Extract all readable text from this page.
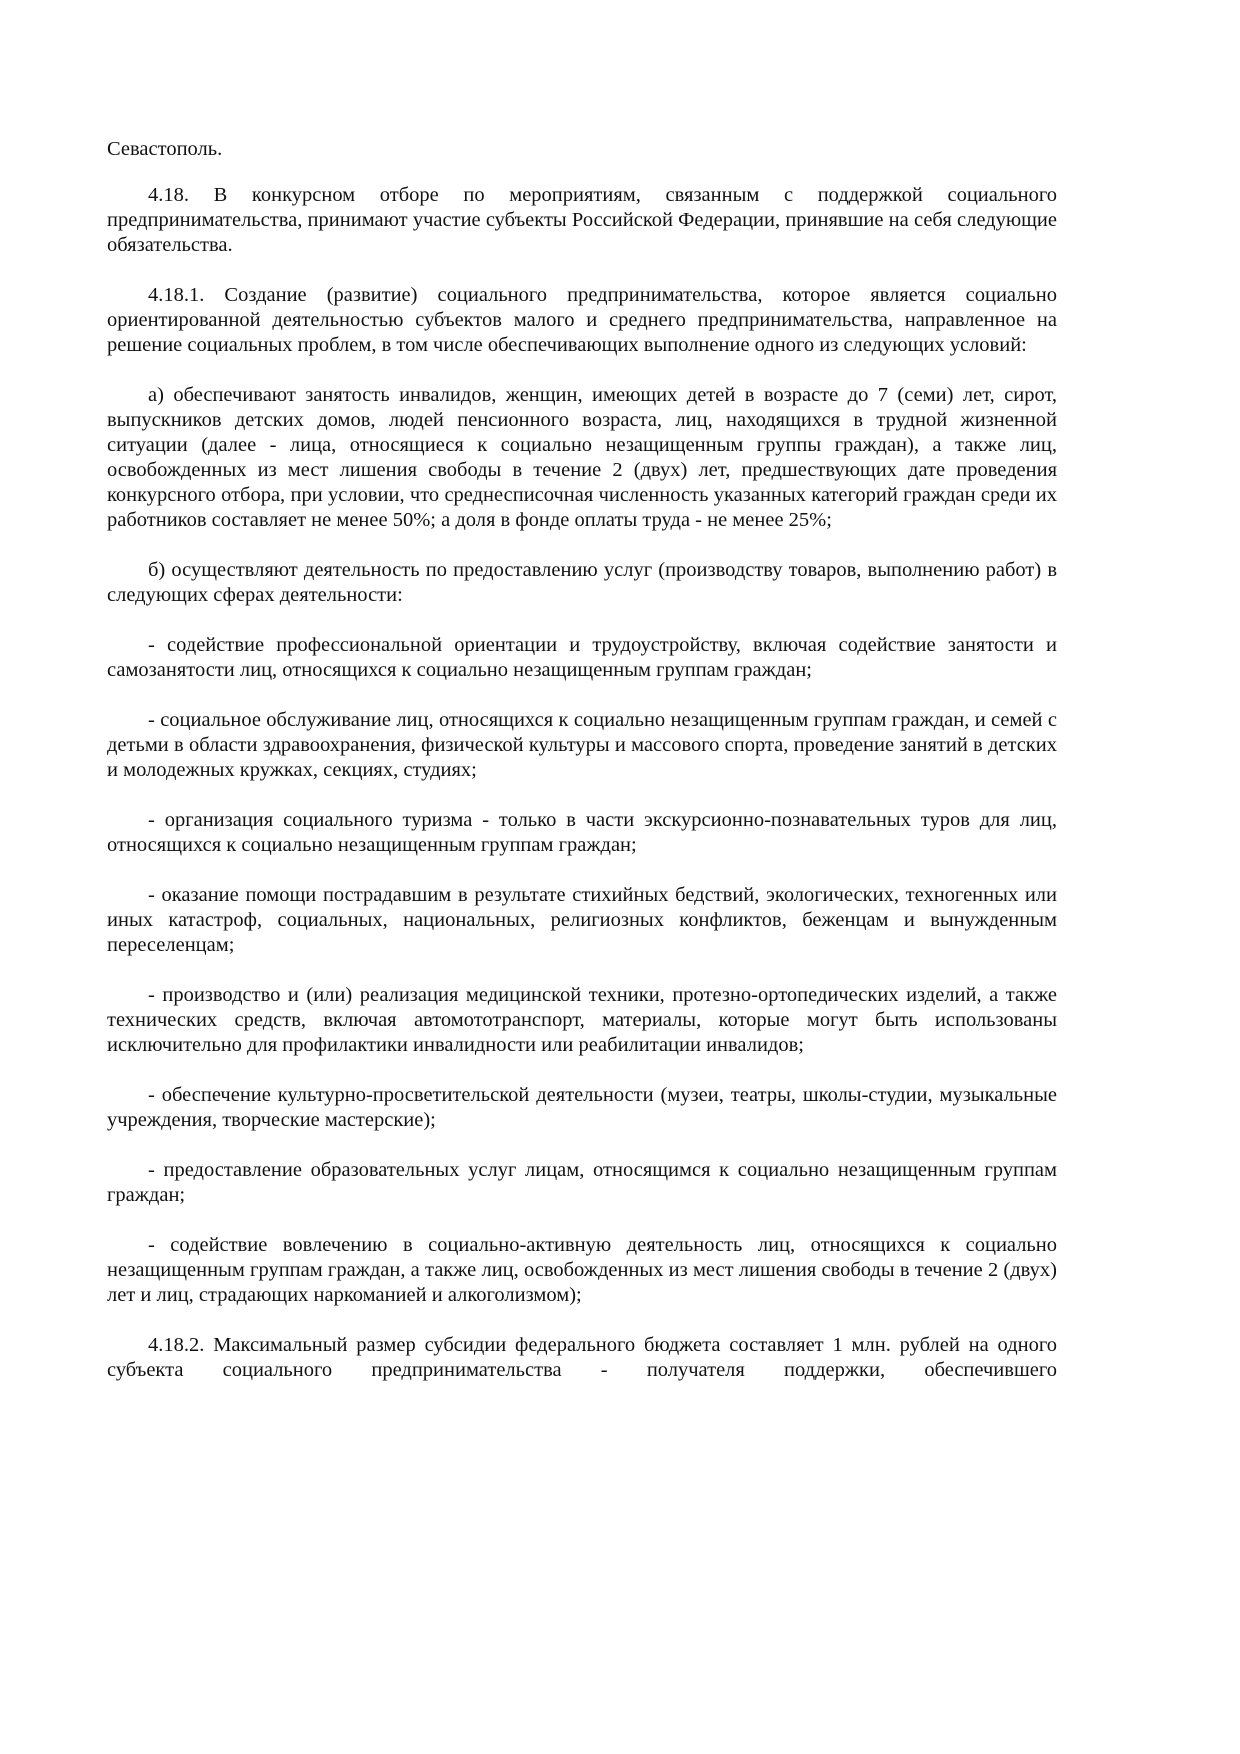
Севастополь.

4.18. В конкурсном отборе по мероприятиям, связанным с поддержкой социального предпринимательства, принимают участие субъекты Российской Федерации, принявшие на себя следующие обязательства.

4.18.1. Создание (развитие) социального предпринимательства, которое является социально ориентированной деятельностью субъектов малого и среднего предпринимательства, направленное на решение социальных проблем, в том числе обеспечивающих выполнение одного из следующих условий:

а) обеспечивают занятость инвалидов, женщин, имеющих детей в возрасте до 7 (семи) лет, сирот, выпускников детских домов, людей пенсионного возраста, лиц, находящихся в трудной жизненной ситуации (далее - лица, относящиеся к социально незащищенным группы граждан), а также лиц, освобожденных из мест лишения свободы в течение 2 (двух) лет, предшествующих дате проведения конкурсного отбора, при условии, что среднесписочная численность указанных категорий граждан среди их работников составляет не менее 50%; а доля в фонде оплаты труда - не менее 25%;

б) осуществляют деятельность по предоставлению услуг (производству товаров, выполнению работ) в следующих сферах деятельности:

- содействие профессиональной ориентации и трудоустройству, включая содействие занятости и самозанятости лиц, относящихся к социально незащищенным группам граждан;

- социальное обслуживание лиц, относящихся к социально незащищенным группам граждан, и семей с детьми в области здравоохранения, физической культуры и массового спорта, проведение занятий в детских и молодежных кружках, секциях, студиях;

- организация социального туризма - только в части экскурсионно-познавательных туров для лиц, относящихся к социально незащищенным группам граждан;

- оказание помощи пострадавшим в результате стихийных бедствий, экологических, техногенных или иных катастроф, социальных, национальных, религиозных конфликтов, беженцам и вынужденным переселенцам;

- производство и (или) реализация медицинской техники, протезно-ортопедических изделий, а также технических средств, включая автомототранспорт, материалы, которые могут быть использованы исключительно для профилактики инвалидности или реабилитации инвалидов;

- обеспечение культурно-просветительской деятельности (музеи, театры, школы-студии, музыкальные учреждения, творческие мастерские);

- предоставление образовательных услуг лицам, относящимся к социально незащищенным группам граждан;

- содействие вовлечению в социально-активную деятельность лиц, относящихся к социально незащищенным группам граждан, а также лиц, освобожденных из мест лишения свободы в течение 2 (двух) лет и лиц, страдающих наркоманией и алкоголизмом);

4.18.2. Максимальный размер субсидии федерального бюджета составляет 1 млн. рублей на одного субъекта социального предпринимательства - получателя поддержки, обеспечившего
